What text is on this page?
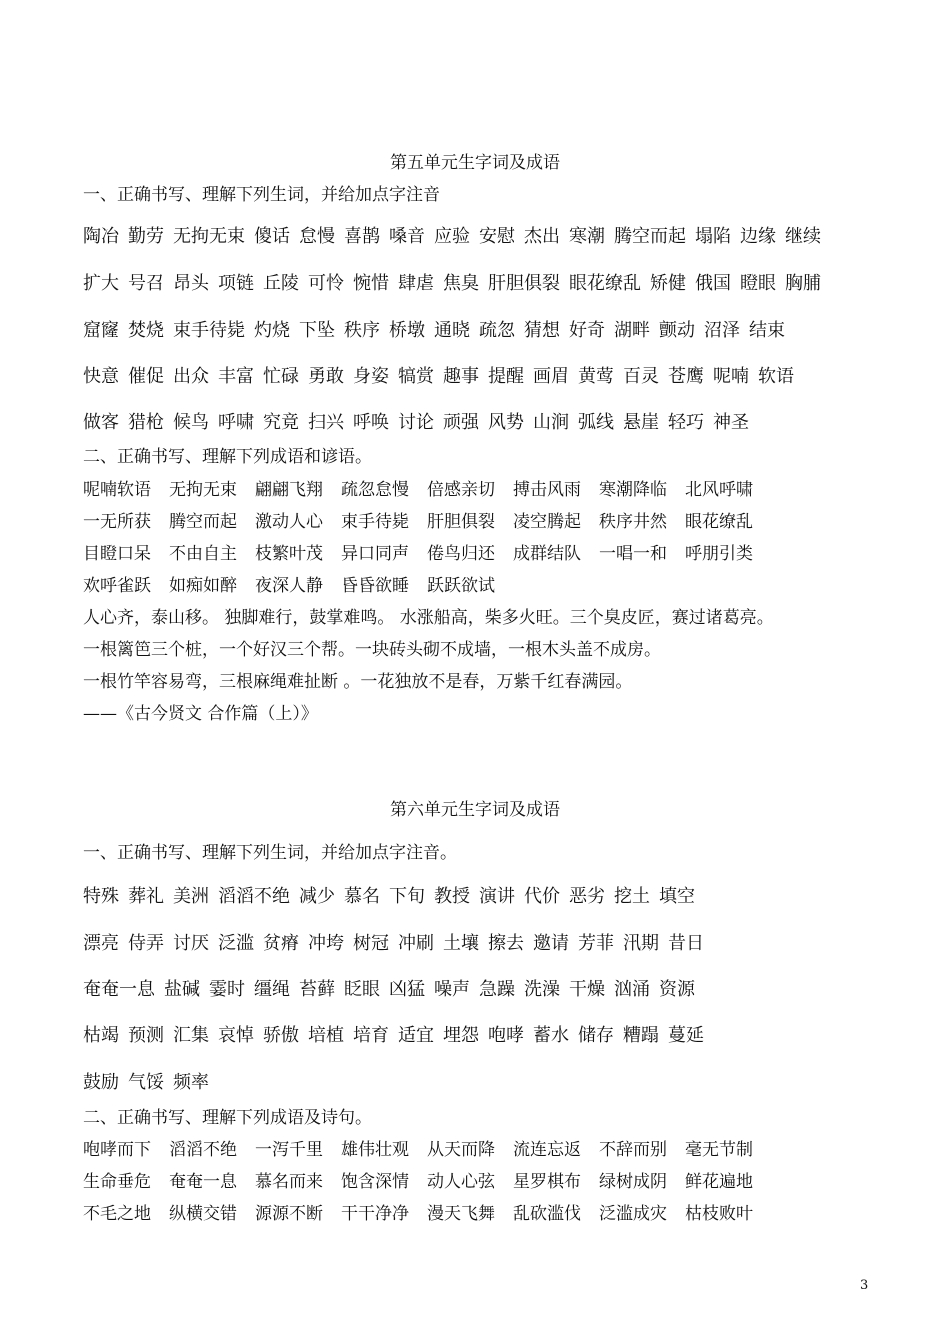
第五单元生字词及成语
一、正确书写、理解下列生词，并给加点字注音
陶冶 勤劳 无拘无束 傻话 怠慢 喜鹊 嗓音 应验 安慰 杰出 寒潮 腾空而起 塌陷 边缘 继续
扩大 号召 昂头 项链 丘陵 可怜 惋惜 肆虐 焦臭 肝胆俱裂 眼花缭乱 矫健 俄国 瞪眼 胸脯
窟窿 焚烧 束手待毙 灼烧 下坠 秩序 桥墩 通晓 疏忽 猜想 好奇 湖畔 颤动 沼泽 结束
快意 催促 出众 丰富 忙碌 勇敢 身姿 犒赏 趣事 提醒 画眉 黄莺 百灵 苍鹰 呢喃 软语
做客 猎枪 候鸟 呼啸 究竟 扫兴 呼唤 讨论 顽强 风势 山涧 弧线 悬崖 轻巧 神圣
二、正确书写、理解下列成语和谚语。
呢喃软语 无拘无束 翩翩飞翔 疏忽怠慢 倍感亲切 搏击风雨 寒潮降临 北风呼啸
一无所获 腾空而起 激动人心 束手待毙 肝胆俱裂 凌空腾起 秩序井然 眼花缭乱
目瞪口呆 不由自主 枝繁叶茂 异口同声 倦鸟归还 成群结队 一唱一和 呼朋引类
欢呼雀跃 如痴如醉 夜深人静 昏昏欲睡 跃跃欲试
人心齐，泰山移。 独脚难行，鼓掌难鸣。 水涨船高，柴多火旺。三个臭皮匠，赛过诸葛亮。
一根篱笆三个桩，一个好汉三个帮。一块砖头砌不成墙，一根木头盖不成房。
一根竹竿容易弯，三根麻绳难扯断 。一花独放不是春，万紫千红春满园。
——《古今贤文 合作篇（上）》
第六单元生字词及成语
一、正确书写、理解下列生词，并给加点字注音。
特殊 葬礼 美洲 滔滔不绝 减少 慕名 下旬 教授 演讲 代价 恶劣 挖土 填空
漂亮 侍弄 讨厌 泛滥 贫瘠 冲垮 树冠 冲刷 土壤 擦去 邀请 芳菲 汛期 昔日
奄奄一息 盐碱 霎时 缰绳 苔藓 眨眼 凶猛 噪声 急躁 洗澡 干燥 汹涌 资源
枯竭 预测 汇集 哀悼 骄傲 培植 培育 适宜 埋怨 咆哮 蓄水 储存 糟蹋 蔓延
鼓励 气馁 频率
二、正确书写、理解下列成语及诗句。
咆哮而下 滔滔不绝 一泻千里 雄伟壮观 从天而降 流连忘返 不辞而别 毫无节制
生命垂危 奄奄一息 慕名而来 饱含深情 动人心弦 星罗棋布 绿树成阴 鲜花遍地
不毛之地 纵横交错 源源不断 干干净净 漫天飞舞 乱砍滥伐 泛滥成灾 枯枝败叶
3
